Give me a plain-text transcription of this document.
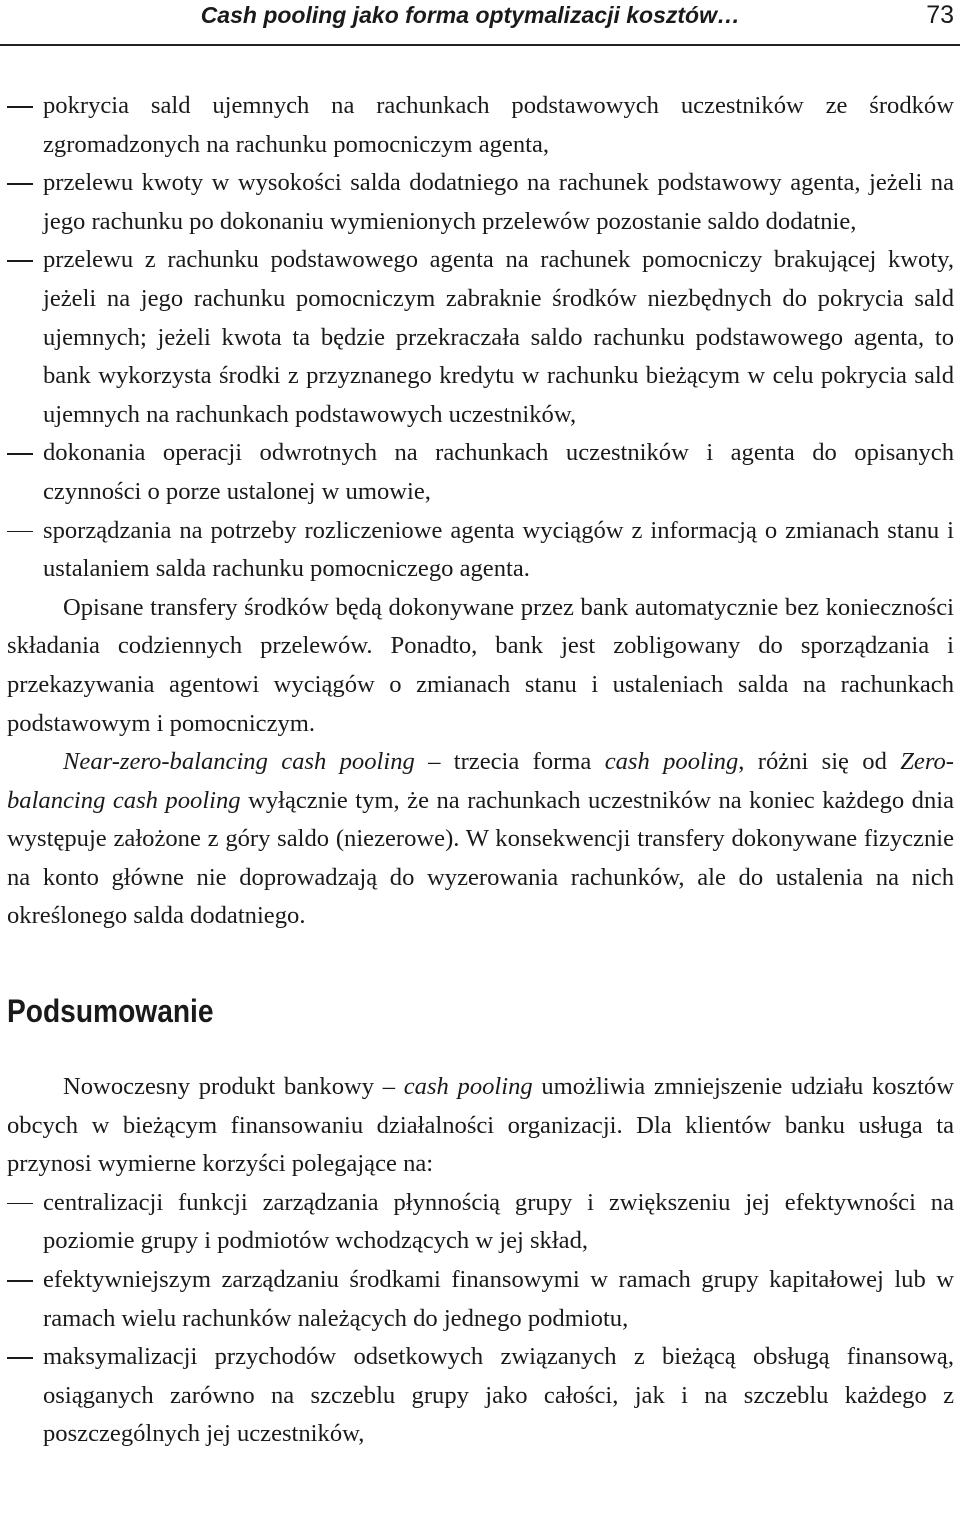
Cash pooling jako forma optymalizacji kosztów…	73
pokrycia sald ujemnych na rachunkach podstawowych uczestników ze środków zgromadzonych na rachunku pomocniczym agenta,
przelewu kwoty w wysokości salda dodatniego na rachunek podstawowy agenta, jeżeli na jego rachunku po dokonaniu wymienionych przelewów pozostanie saldo dodatnie,
przelewu z rachunku podstawowego agenta na rachunek pomocniczy brakującej kwoty, jeżeli na jego rachunku pomocniczym zabraknie środków niezbędnych do pokrycia sald ujemnych; jeżeli kwota ta będzie przekraczała saldo rachunku podstawowego agenta, to bank wykorzysta środki z przyznanego kredytu w rachunku bieżącym w celu pokrycia sald ujemnych na rachunkach podstawowych uczestników,
dokonania operacji odwrotnych na rachunkach uczestników i agenta do opisanych czynności o porze ustalonej w umowie,
sporządzania na potrzeby rozliczeniowe agenta wyciągów z informacją o zmianach stanu i ustalaniem salda rachunku pomocniczego agenta.

Opisane transfery środków będą dokonywane przez bank automatycznie bez konieczności składania codziennych przelewów. Ponadto, bank jest zobligowany do sporządzania i przekazywania agentowi wyciągów o zmianach stanu i ustaleniach salda na rachunkach podstawowym i pomocniczym.

Near-zero-balancing cash pooling – trzecia forma cash pooling, różni się od Zero-balancing cash pooling wyłącznie tym, że na rachunkach uczestników na koniec każdego dnia występuje założone z góry saldo (niezerowe). W konsekwencji transfery dokonywane fizycznie na konto główne nie doprowadzają do wyzerowania rachunków, ale do ustalenia na nich określonego salda dodatniego.

Podsumowanie

Nowoczesny produkt bankowy – cash pooling umożliwia zmniejszenie udziału kosztów obcych w bieżącym finansowaniu działalności organizacji. Dla klientów banku usługa ta przynosi wymierne korzyści polegające na:

centralizacji funkcji zarządzania płynnością grupy i zwiększeniu jej efektywności na poziomie grupy i podmiotów wchodzących w jej skład,
efektywniejszym zarządzaniu środkami finansowymi w ramach grupy kapitałowej lub w ramach wielu rachunków należących do jednego podmiotu,
maksymalizacji przychodów odsetkowych związanych z bieżącą obsługą finansową, osiąganych zarówno na szczeblu grupy jako całości, jak i na szczeblu każdego z poszczególnych jej uczestników,
